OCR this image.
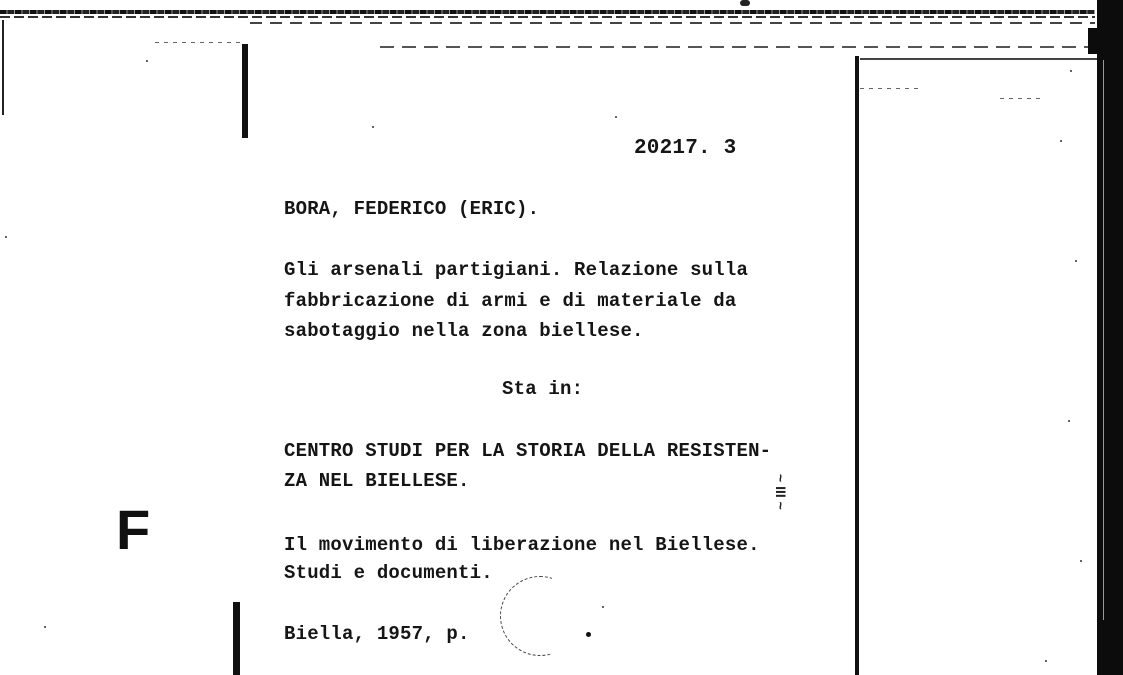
20217. 3
BORA, FEDERICO (ERIC).
Gli arsenali partigiani. Relazione sulla
fabbricazione di armi e di materiale da
sabotaggio nella zona biellese.
Sta in:
CENTRO STUDI PER LA STORIA DELLA RESISTEN-
ZA NEL BIELLESE.
Il movimento di liberazione nel Biellese.
Studi e documenti.
Biella, 1957, p.
F
~ III ~
